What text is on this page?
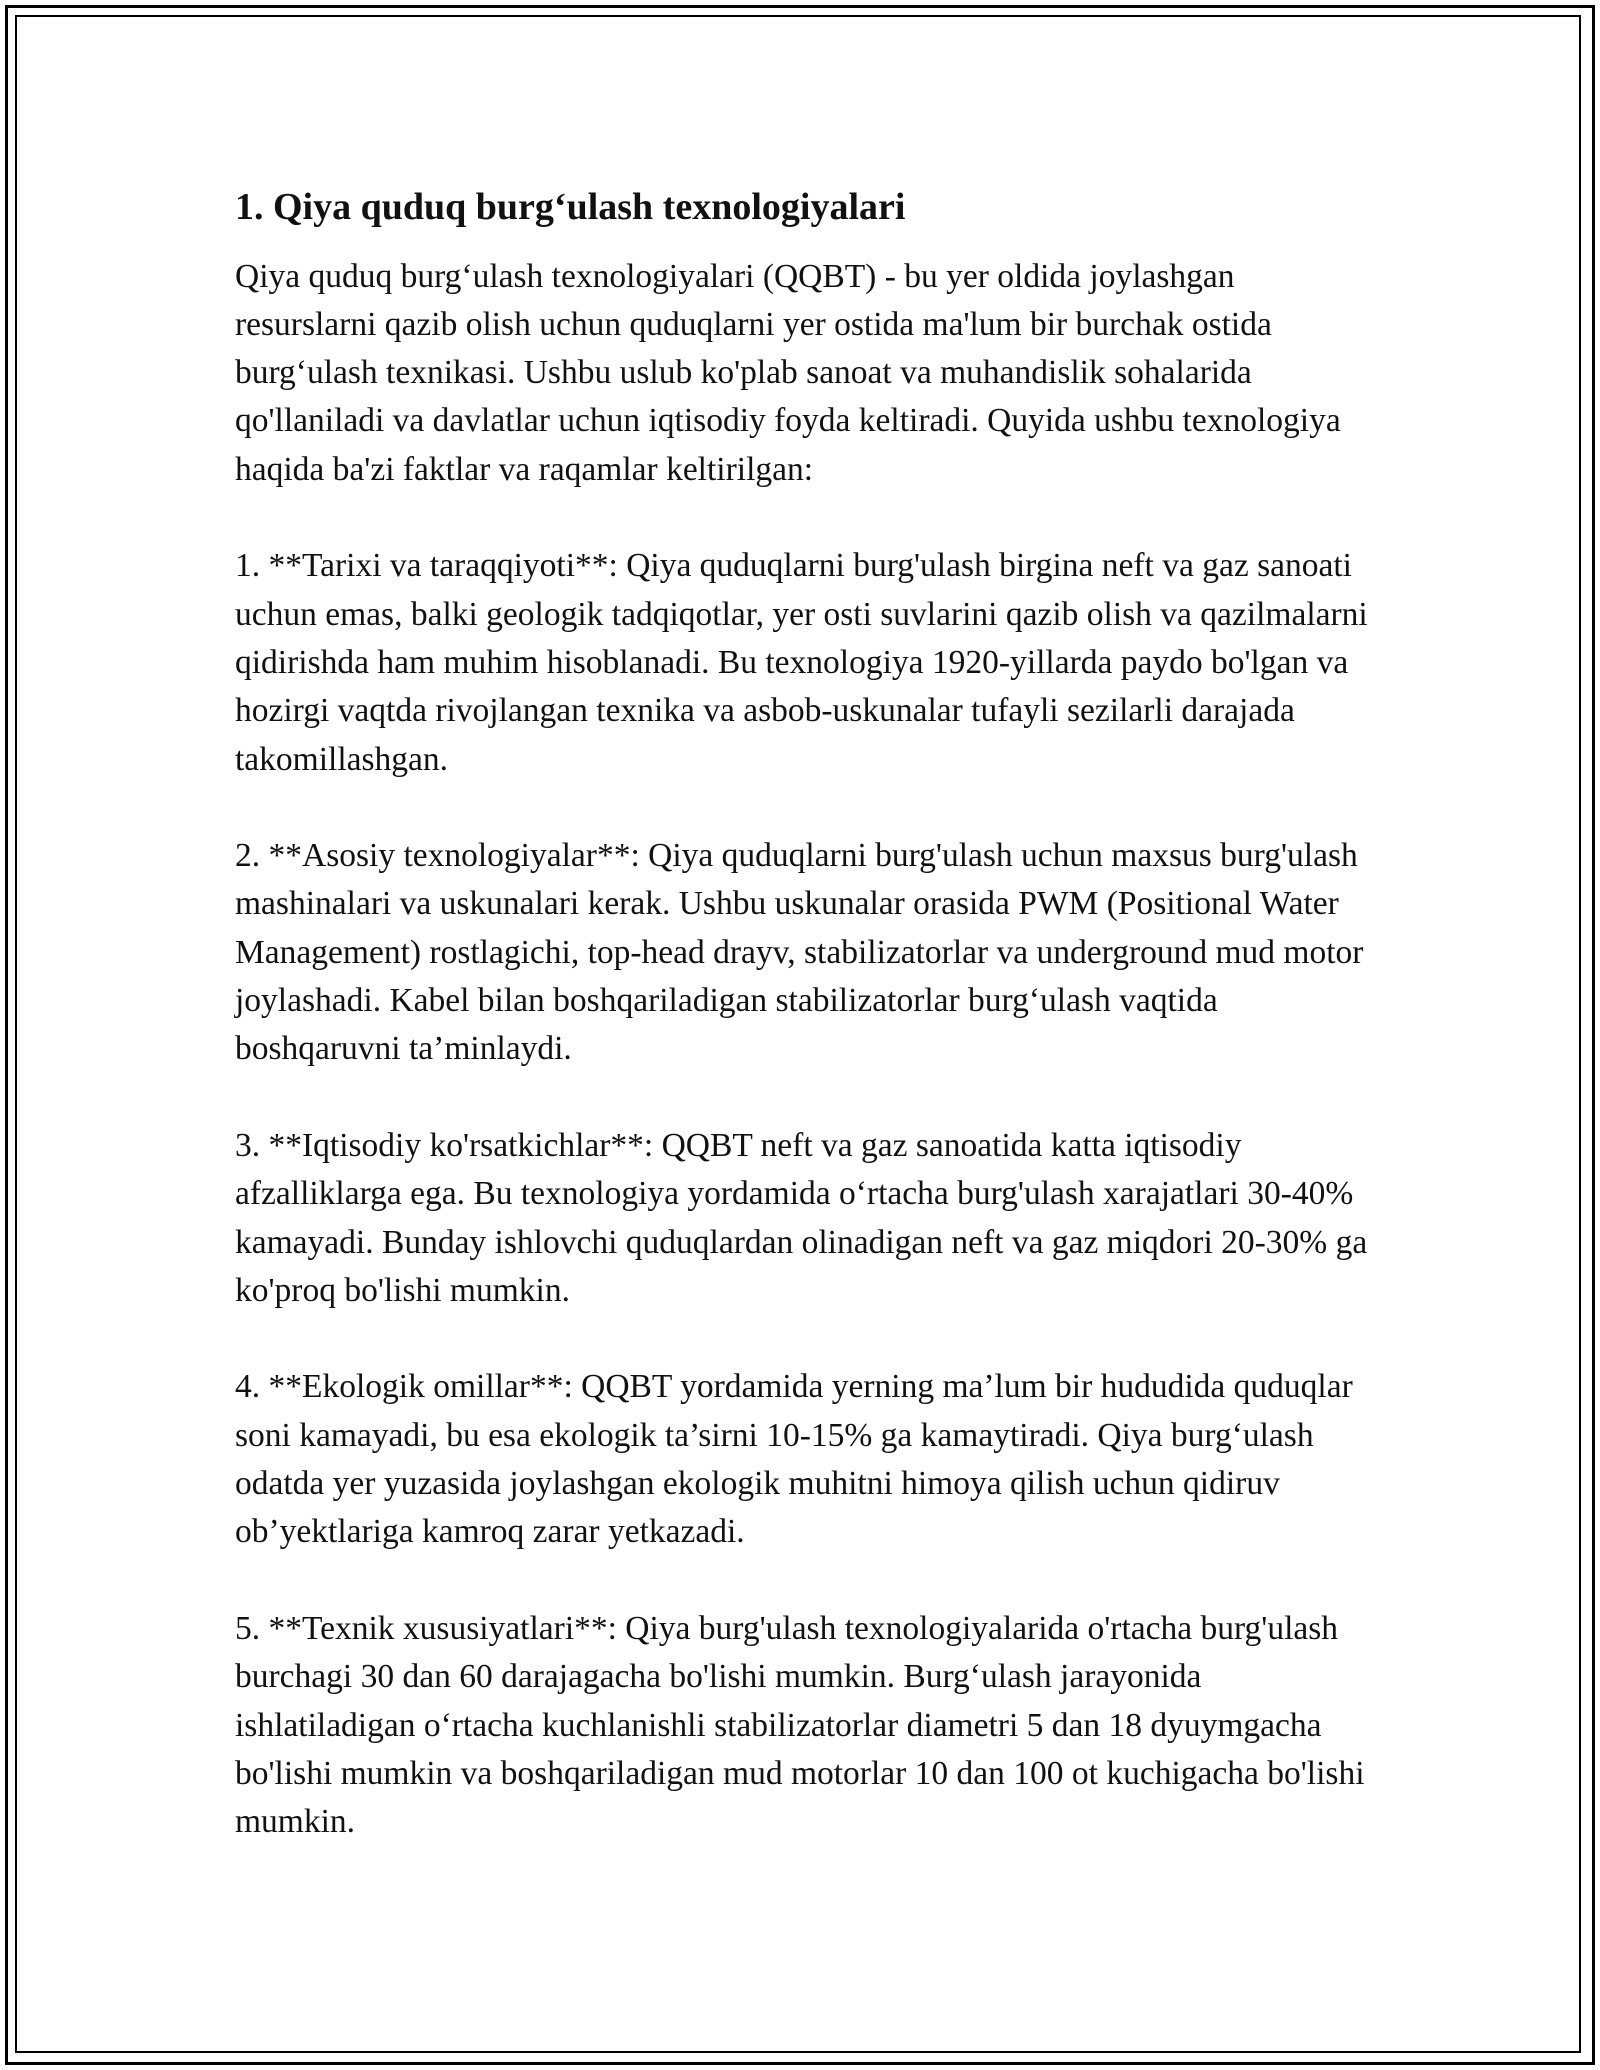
1. Qiya quduq burg‘ulash texnologiyalari

Qiya quduq burg‘ulash texnologiyalari (QQBT) - bu yer oldida joylashgan resurslarni qazib olish uchun quduqlarni yer ostida ma'lum bir burchak ostida burg‘ulash texnikasi. Ushbu uslub ko'plab sanoat va muhandislik sohalarida qo'llaniladi va davlatlar uchun iqtisodiy foyda keltiradi. Quyida ushbu texnologiya haqida ba'zi faktlar va raqamlar keltirilgan:

1. **Tarixi va taraqqiyoti**: Qiya quduqlarni burg'ulash birgina neft va gaz sanoati uchun emas, balki geologik tadqiqotlar, yer osti suvlarini qazib olish va qazilmalarni qidirishda ham muhim hisoblanadi. Bu texnologiya 1920-yillarda paydo bo'lgan va hozirgi vaqtda rivojlangan texnika va asbob-uskunalar tufayli sezilarli darajada takomillashgan.

2. **Asosiy texnologiyalar**: Qiya quduqlarni burg'ulash uchun maxsus burg'ulash mashinalari va uskunalari kerak. Ushbu uskunalar orasida PWM (Positional Water Management) rostlagichi, top-head drayv, stabilizatorlar va underground mud motor joylashadi. Kabel bilan boshqariladigan stabilizatorlar burg‘ulash vaqtida boshqaruvni ta’minlaydi.

3. **Iqtisodiy ko'rsatkichlar**: QQBT neft va gaz sanoatida katta iqtisodiy afzalliklarga ega. Bu texnologiya yordamida o‘rtacha burg'ulash xarajatlari 30-40% kamayadi. Bunday ishlovchi quduqlardan olinadigan neft va gaz miqdori 20-30% ga ko'proq bo'lishi mumkin.

4. **Ekologik omillar**: QQBT yordamida yerning ma’lum bir hududida quduqlar soni kamayadi, bu esa ekologik ta’sirni 10-15% ga kamaytiradi. Qiya burg‘ulash odatda yer yuzasida joylashgan ekologik muhitni himoya qilish uchun qidiruv ob’yektlariga kamroq zarar yetkazadi.

5. **Texnik xususiyatlari**: Qiya burg'ulash texnologiyalarida o'rtacha burg'ulash burchagi 30 dan 60 darajagacha bo'lishi mumkin. Burg‘ulash jarayonida ishlatiladigan o‘rtacha kuchlanishli stabilizatorlar diametri 5 dan 18 dyuymgacha bo'lishi mumkin va boshqariladigan mud motorlar 10 dan 100 ot kuchigacha bo'lishi mumkin.
